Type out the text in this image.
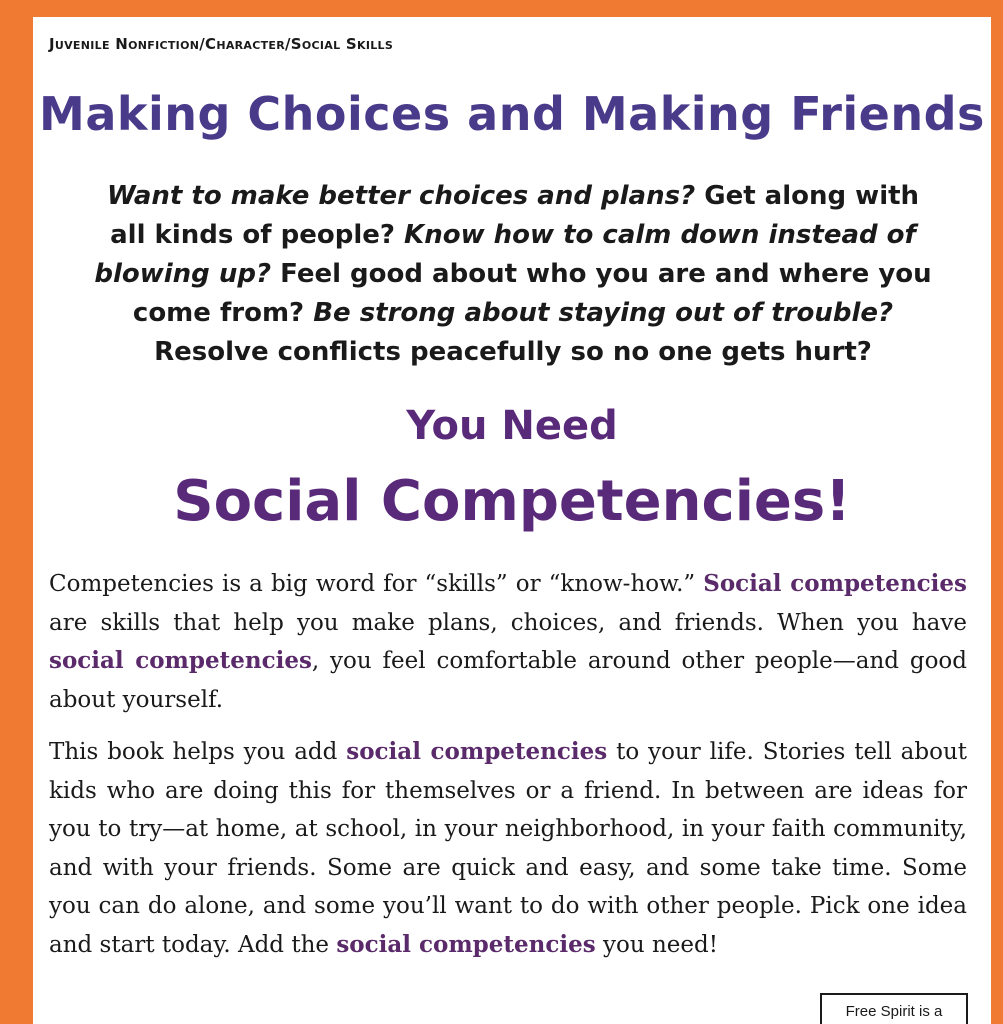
Juvenile Nonfiction/Character/Social Skills
Making Choices and Making Friends
Want to make better choices and plans? Get along with all kinds of people? Know how to calm down instead of blowing up? Feel good about who you are and where you come from? Be strong about staying out of trouble? Resolve conflicts peacefully so no one gets hurt?
You Need
Social Competencies!
Competencies is a big word for “skills” or “know-how.” Social competencies are skills that help you make plans, choices, and friends. When you have social competencies, you feel comfortable around other people—and good about yourself.
This book helps you add social competencies to your life. Stories tell about kids who are doing this for themselves or a friend. In between are ideas for you to try—at home, at school, in your neighborhood, in your faith community, and with your friends. Some are quick and easy, and some take time. Some you can do alone, and some you’ll want to do with other people. Pick one idea and start today. Add the social competencies you need!
Free Spirit is a
